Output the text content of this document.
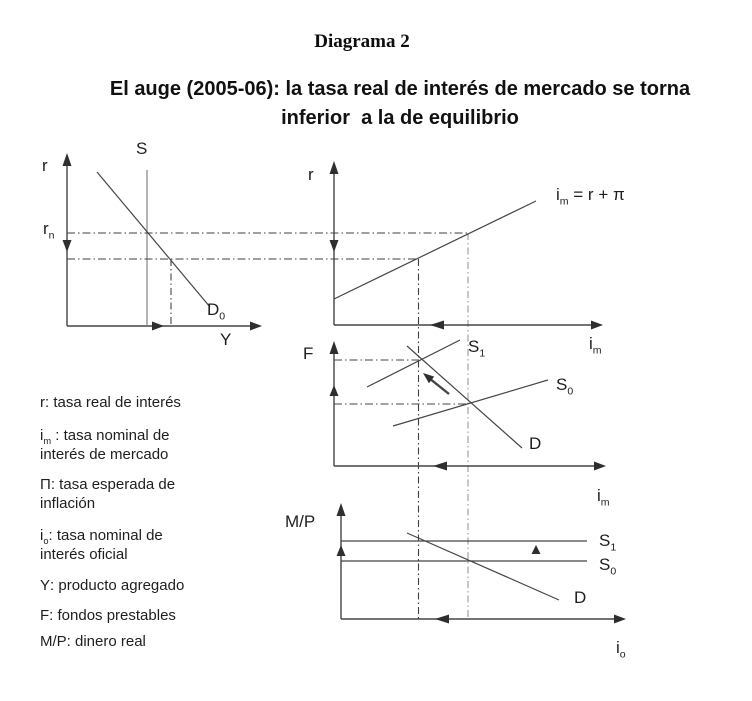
Diagrama 2
El auge (2005-06): la tasa real de interés de mercado se torna
inferior  a la de equilibrio
r
S
$r_n$
$D_0$
Y
r
$i_m = r + \pi$
$i_m$
F	$S_1$
$S_0$
D
$i_m$
M/P
$S_1$
$S_0$
D
$i_o$
r: tasa real de interés
$i_m$ : tasa nominal de
interés de mercado
Π: tasa esperada de
inflación
$i_o$: tasa nominal de
interés oficial
Y: producto agregado
F: fondos prestables
M/P: dinero real
